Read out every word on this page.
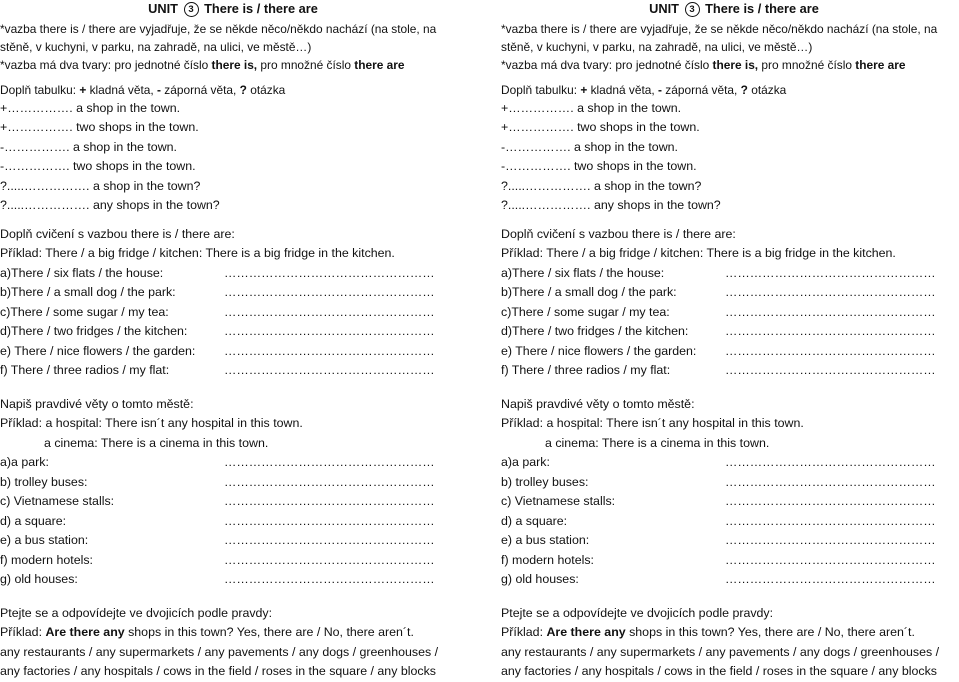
UNIT 3 There is / there are
*vazba there is / there are vyjadřuje, že se někde něco/někdo nachází (na stole, na
stěně, v kuchyni, v parku, na zahradě, na ulici, ve městě…)
*vazba má dva tvary: pro jednotné číslo there is, pro množné číslo there are
Doplň tabulku: + kladná věta, - záporná věta, ? otázka
+……………. a shop in the town.
+……………. two shops in the town.
-……………. a shop in the town.
-……………. two shops in the town.
?.....……………. a shop in the town?
?.....……………. any shops in the town?
Doplň cvičení s vazbou there is / there are:
Příklad: There / a big fridge / kitchen: There is a big fridge in the kitchen.
a)There / six flats / the house:	……………………………………………
b)There / a small dog / the park:	……………………………………………
c)There / some sugar / my tea:	……………………………………………
d)There / two fridges / the kitchen:	……………………………………………
e) There / nice flowers / the garden:	……………………………………………
f) There / three radios / my flat:	……………………………………………
Napiš pravdivé věty o tomto městě:
Příklad: a hospital: There isn´t any hospital in this town.
a cinema: There is a cinema in this town.
a)a park:	……………………………………………
b) trolley buses:	……………………………………………
c) Vietnamese stalls:	……………………………………………
d) a square:	……………………………………………
e) a bus station:	……………………………………………
f) modern hotels:	……………………………………………
g) old houses:	……………………………………………
Ptejte se a odpovídejte ve dvojicích podle pravdy:
Příklad: Are there any shops in this town? Yes, there are / No, there aren´t.
any restaurants / any supermarkets / any pavements / any dogs / greenhouses /
any factories / any hospitals / cows in the field / roses in the square / any blocks
UNIT 3 There is / there are
*vazba there is / there are vyjadřuje, že se někde něco/někdo nachází (na stole, na
stěně, v kuchyni, v parku, na zahradě, na ulici, ve městě…)
*vazba má dva tvary: pro jednotné číslo there is, pro množné číslo there are
Doplň tabulku: + kladná věta, - záporná věta, ? otázka
+……………. a shop in the town.
+……………. two shops in the town.
-……………. a shop in the town.
-……………. two shops in the town.
?.....……………. a shop in the town?
?.....……………. any shops in the town?
Doplň cvičení s vazbou there is / there are:
Příklad: There / a big fridge / kitchen: There is a big fridge in the kitchen.
a)There / six flats / the house:	……………………………………………
b)There / a small dog / the park:	……………………………………………
c)There / some sugar / my tea:	……………………………………………
d)There / two fridges / the kitchen:	……………………………………………
e) There / nice flowers / the garden:	……………………………………………
f) There / three radios / my flat:	……………………………………………
Napiš pravdivé věty o tomto městě:
Příklad: a hospital: There isn´t any hospital in this town.
a cinema: There is a cinema in this town.
a)a park:	……………………………………………
b) trolley buses:	……………………………………………
c) Vietnamese stalls:	……………………………………………
d) a square:	……………………………………………
e) a bus station:	……………………………………………
f) modern hotels:	……………………………………………
g) old houses:	……………………………………………
Ptejte se a odpovídejte ve dvojicích podle pravdy:
Příklad: Are there any shops in this town? Yes, there are / No, there aren´t.
any restaurants / any supermarkets / any pavements / any dogs / greenhouses /
any factories / any hospitals / cows in the field / roses in the square / any blocks
